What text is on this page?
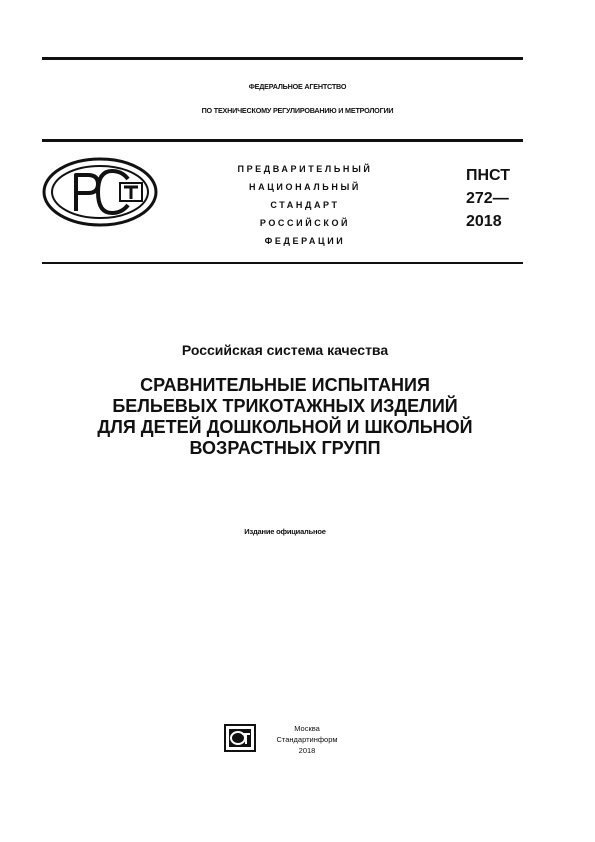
ФЕДЕРАЛЬНОЕ АГЕНТСТВО
ПО ТЕХНИЧЕСКОМУ РЕГУЛИРОВАНИЮ И МЕТРОЛОГИИ
ПРЕДВАРИТЕЛЬНЫЙ
НАЦИОНАЛЬНЫЙ
СТАНДАРТ
РОССИЙСКОЙ
ФЕДЕРАЦИИ
ПНСТ
272—
2018
Российская система качества
СРАВНИТЕЛЬНЫЕ ИСПЫТАНИЯ
БЕЛЬЕВЫХ ТРИКОТАЖНЫХ ИЗДЕЛИЙ
ДЛЯ ДЕТЕЙ ДОШКОЛЬНОЙ И ШКОЛЬНОЙ
ВОЗРАСТНЫХ ГРУПП
Издание официальное
Москва
Стандартинформ
2018
